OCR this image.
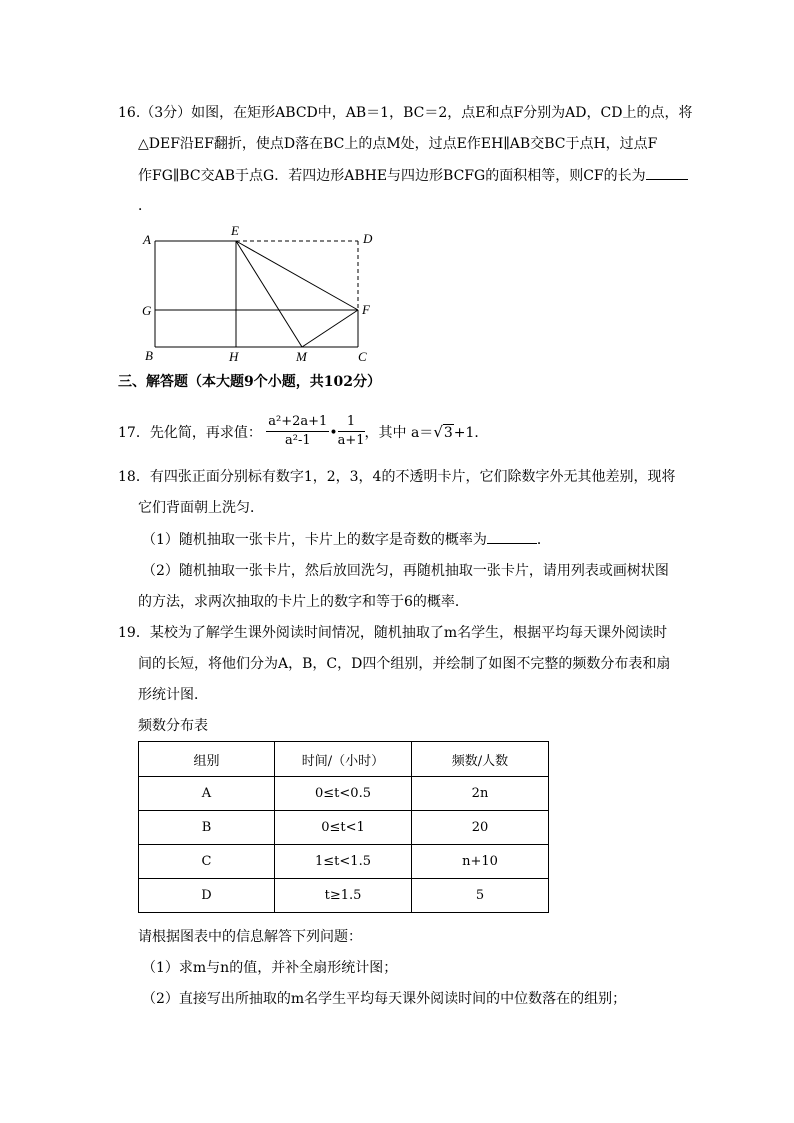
16.（3分）如图，在矩形ABCD中，AB＝1，BC＝2，点E和点F分别为AD，CD上的点，将
△DEF沿EF翻折，使点D落在BC上的点M处，过点E作EH∥AB交BC于点H，过点F
作FG∥BC交AB于点G．若四边形ABHE与四边形BCFG的面积相等，则CF的长为
．
A
E
D
G	F
B	H	M	C
三、解答题（本大题9个小题，共102分）
17．先化简，再求值： $\frac{\text{a²+2a+1}}{\text{a²-1}}$ • $\frac{1}{a+1}$ ，其中 a＝√3+1．
18．有四张正面分别标有数字1，2，3，4的不透明卡片，它们除数字外无其他差别，现将
它们背面朝上洗匀．
（1）随机抽取一张卡片，卡片上的数字是奇数的概率为	．
（2）随机抽取一张卡片，然后放回洗匀，再随机抽取一张卡片，请用列表或画树状图
的方法，求两次抽取的卡片上的数字和等于6的概率．
19．某校为了解学生课外阅读时间情况，随机抽取了m名学生，根据平均每天课外阅读时
间的长短，将他们分为A，B，C，D四个组别，并绘制了如图不完整的频数分布表和扇
形统计图．
频数分布表
组别	时间/（小时）	频数/人数
A	0≤t<0.5	2n
B	0≤t<1	20
C	1≤t<1.5	n+10
D	t≥1.5	5
请根据图表中的信息解答下列问题：
（1）求m与n的值，并补全扇形统计图；
（2）直接写出所抽取的m名学生平均每天课外阅读时间的中位数落在的组别；
